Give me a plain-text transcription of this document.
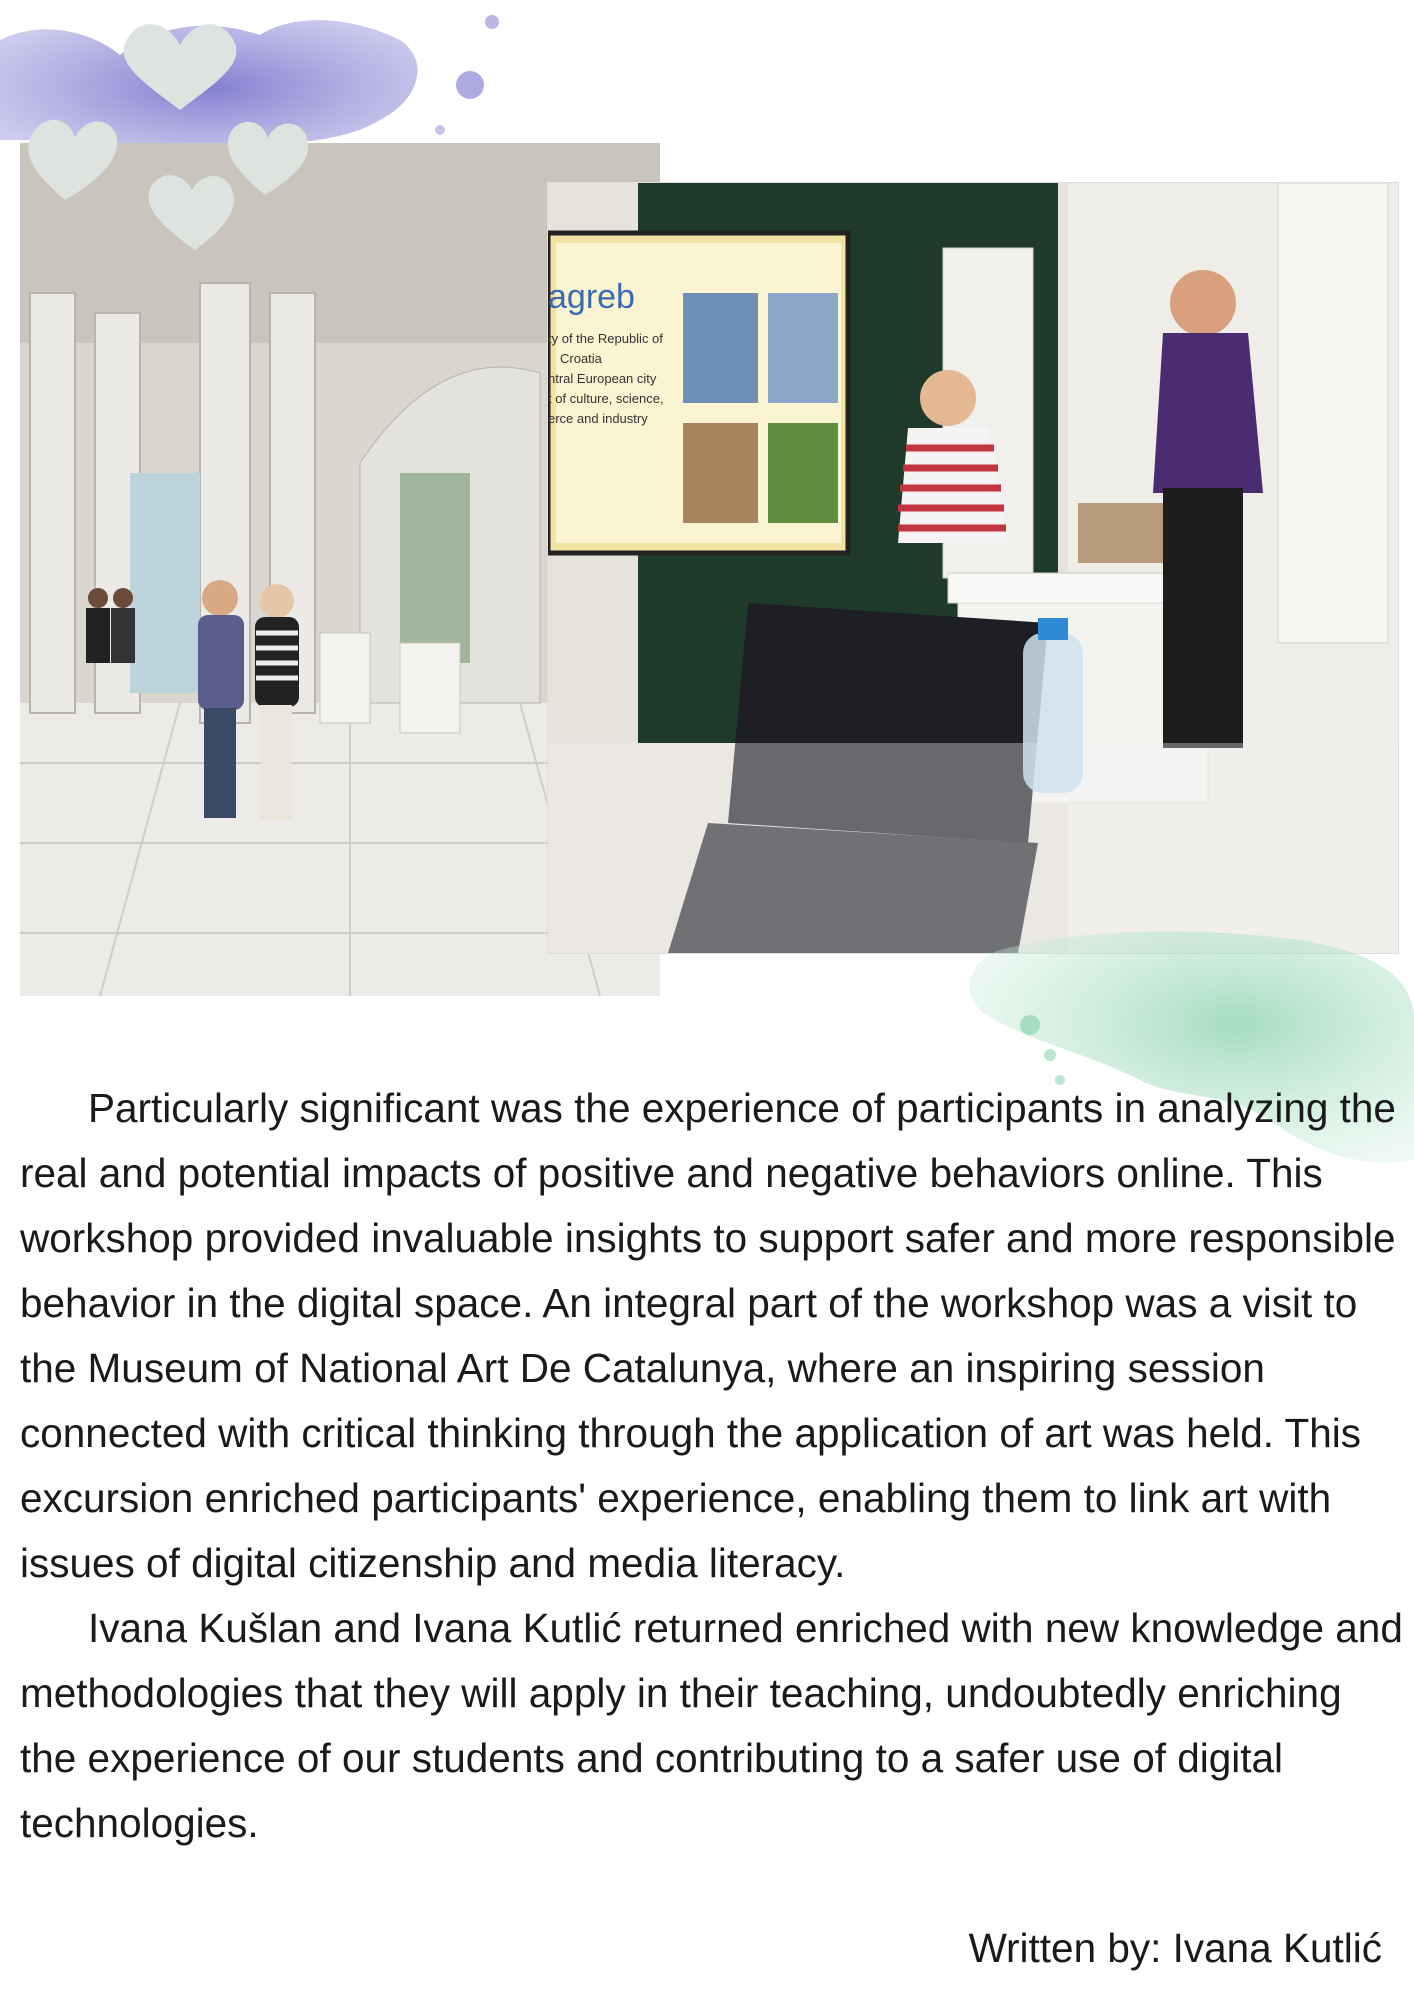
agreb
ty of the Republic of
Croatia
ntral European city
t of culture, science,
erce and industry

Particularly significant was the experience of participants in analyzing the real and potential impacts of positive and negative behaviors online. This workshop provided invaluable insights to support safer and more responsible behavior in the digital space. An integral part of the workshop was a visit to the Museum of National Art De Catalunya, where an inspiring session connected with critical thinking through the application of art was held. This excursion enriched participants' experience, enabling them to link art with issues of digital citizenship and media literacy.

Ivana Kušlan and Ivana Kutlić returned enriched with new knowledge and methodologies that they will apply in their teaching, undoubtedly enriching the experience of our students and contributing to a safer use of digital technologies.

Written by: Ivana Kutlić
